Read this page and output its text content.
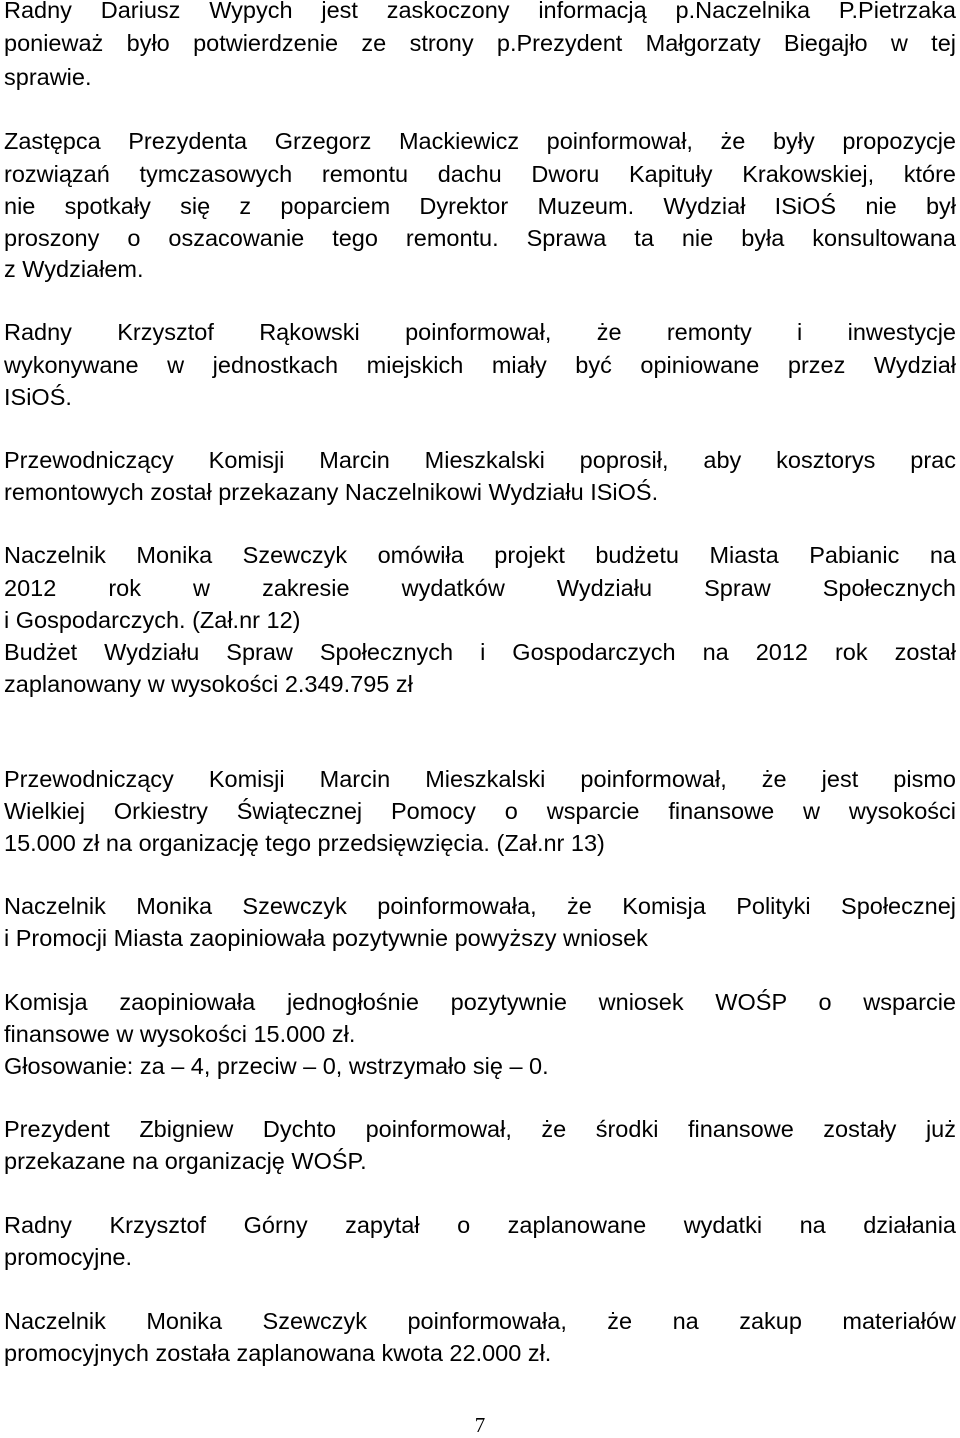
Radny Dariusz Wypych jest zaskoczony informacją p.Naczelnika P.Pietrzaka
ponieważ było potwierdzenie ze strony p.Prezydent Małgorzaty Biegajło w tej
sprawie.
Zastępca Prezydenta Grzegorz Mackiewicz poinformował, że były propozycje
rozwiązań tymczasowych remontu dachu Dworu Kapituły Krakowskiej, które
nie spotkały się z poparciem Dyrektor Muzeum. Wydział ISiOŚ nie był
proszony o oszacowanie tego remontu. Sprawa ta nie była konsultowana
z Wydziałem.
Radny Krzysztof Rąkowski poinformował, że remonty i inwestycje
wykonywane w jednostkach miejskich miały być opiniowane przez Wydział
ISiOŚ.
Przewodniczący Komisji Marcin Mieszkalski poprosił, aby kosztorys prac
remontowych został przekazany Naczelnikowi Wydziału ISiOŚ.
Naczelnik Monika Szewczyk omówiła projekt budżetu Miasta Pabianic na
2012 rok w zakresie wydatków Wydziału Spraw Społecznych
i Gospodarczych. (Zał.nr 12)
Budżet Wydziału Spraw Społecznych i Gospodarczych na 2012 rok został
zaplanowany w wysokości 2.349.795 zł
Przewodniczący Komisji Marcin Mieszkalski poinformował, że jest pismo
Wielkiej Orkiestry Świątecznej Pomocy o wsparcie finansowe w wysokości
15.000 zł na organizację tego przedsięwzięcia. (Zał.nr 13)
Naczelnik Monika Szewczyk poinformowała, że Komisja Polityki Społecznej
i Promocji Miasta zaopiniowała pozytywnie powyższy wniosek
Komisja zaopiniowała jednogłośnie pozytywnie wniosek WOŚP o wsparcie
finansowe w wysokości 15.000 zł.
Głosowanie: za – 4, przeciw – 0, wstrzymało się – 0.
Prezydent Zbigniew Dychto poinformował, że środki finansowe zostały już
przekazane na organizację WOŚP.
Radny Krzysztof Górny zapytał o zaplanowane wydatki na działania
promocyjne.
Naczelnik Monika Szewczyk poinformowała, że na zakup materiałów
promocyjnych została zaplanowana kwota 22.000 zł.
7
